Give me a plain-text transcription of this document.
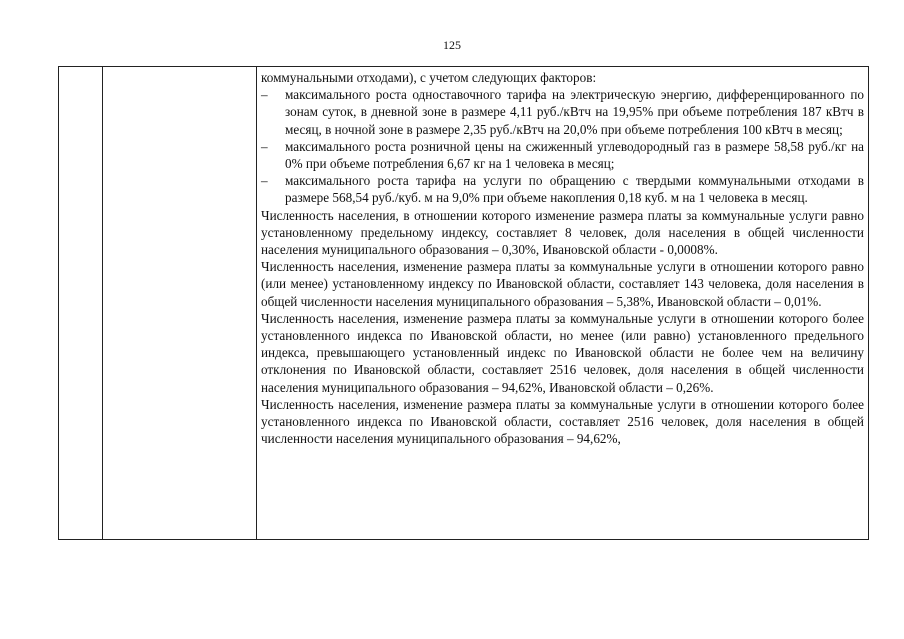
125

коммунальными отходами), с учетом следующих факторов:

–	максимального роста одноставочного тарифа на электрическую энергию, дифференцированного по зонам суток, в дневной зоне в размере 4,11 руб./кВтч на 19,95% при объеме потребления 187 кВтч в месяц, в ночной зоне в размере 2,35 руб./кВтч на 20,0% при объеме потребления 100 кВтч в месяц;
–	максимального роста розничной цены на сжиженный углеводородный газ в размере 58,58 руб./кг на 0% при объеме потребления 6,67 кг на 1 человека в месяц;
–	максимального роста тарифа на услуги по обращению с твердыми коммунальными отходами в размере 568,54 руб./куб. м на 9,0% при объеме накопления 0,18 куб. м на 1 человека в месяц.

Численность населения, в отношении которого изменение размера платы за коммунальные услуги равно установленному предельному индексу, составляет 8 человек, доля населения в общей численности населения муниципального образования – 0,30%, Ивановской области - 0,0008%.

Численность населения, изменение размера платы за коммунальные услуги в отношении которого равно (или менее) установленному индексу по Ивановской области, составляет 143 человека, доля населения в общей численности населения муниципального образования – 5,38%, Ивановской области – 0,01%.

Численность населения, изменение размера платы за коммунальные услуги в отношении которого более установленного индекса по Ивановской области, но менее (или равно) установленного предельного индекса, превышающего установленный индекс по Ивановской области не более чем на величину отклонения по Ивановской области, составляет 2516 человек, доля населения в общей численности населения муниципального образования – 94,62%, Ивановской области – 0,26%.

Численность населения, изменение размера платы за коммунальные услуги в отношении которого более установленного индекса по Ивановской области, составляет 2516 человек, доля населения в общей численности населения муниципального образования – 94,62%,
